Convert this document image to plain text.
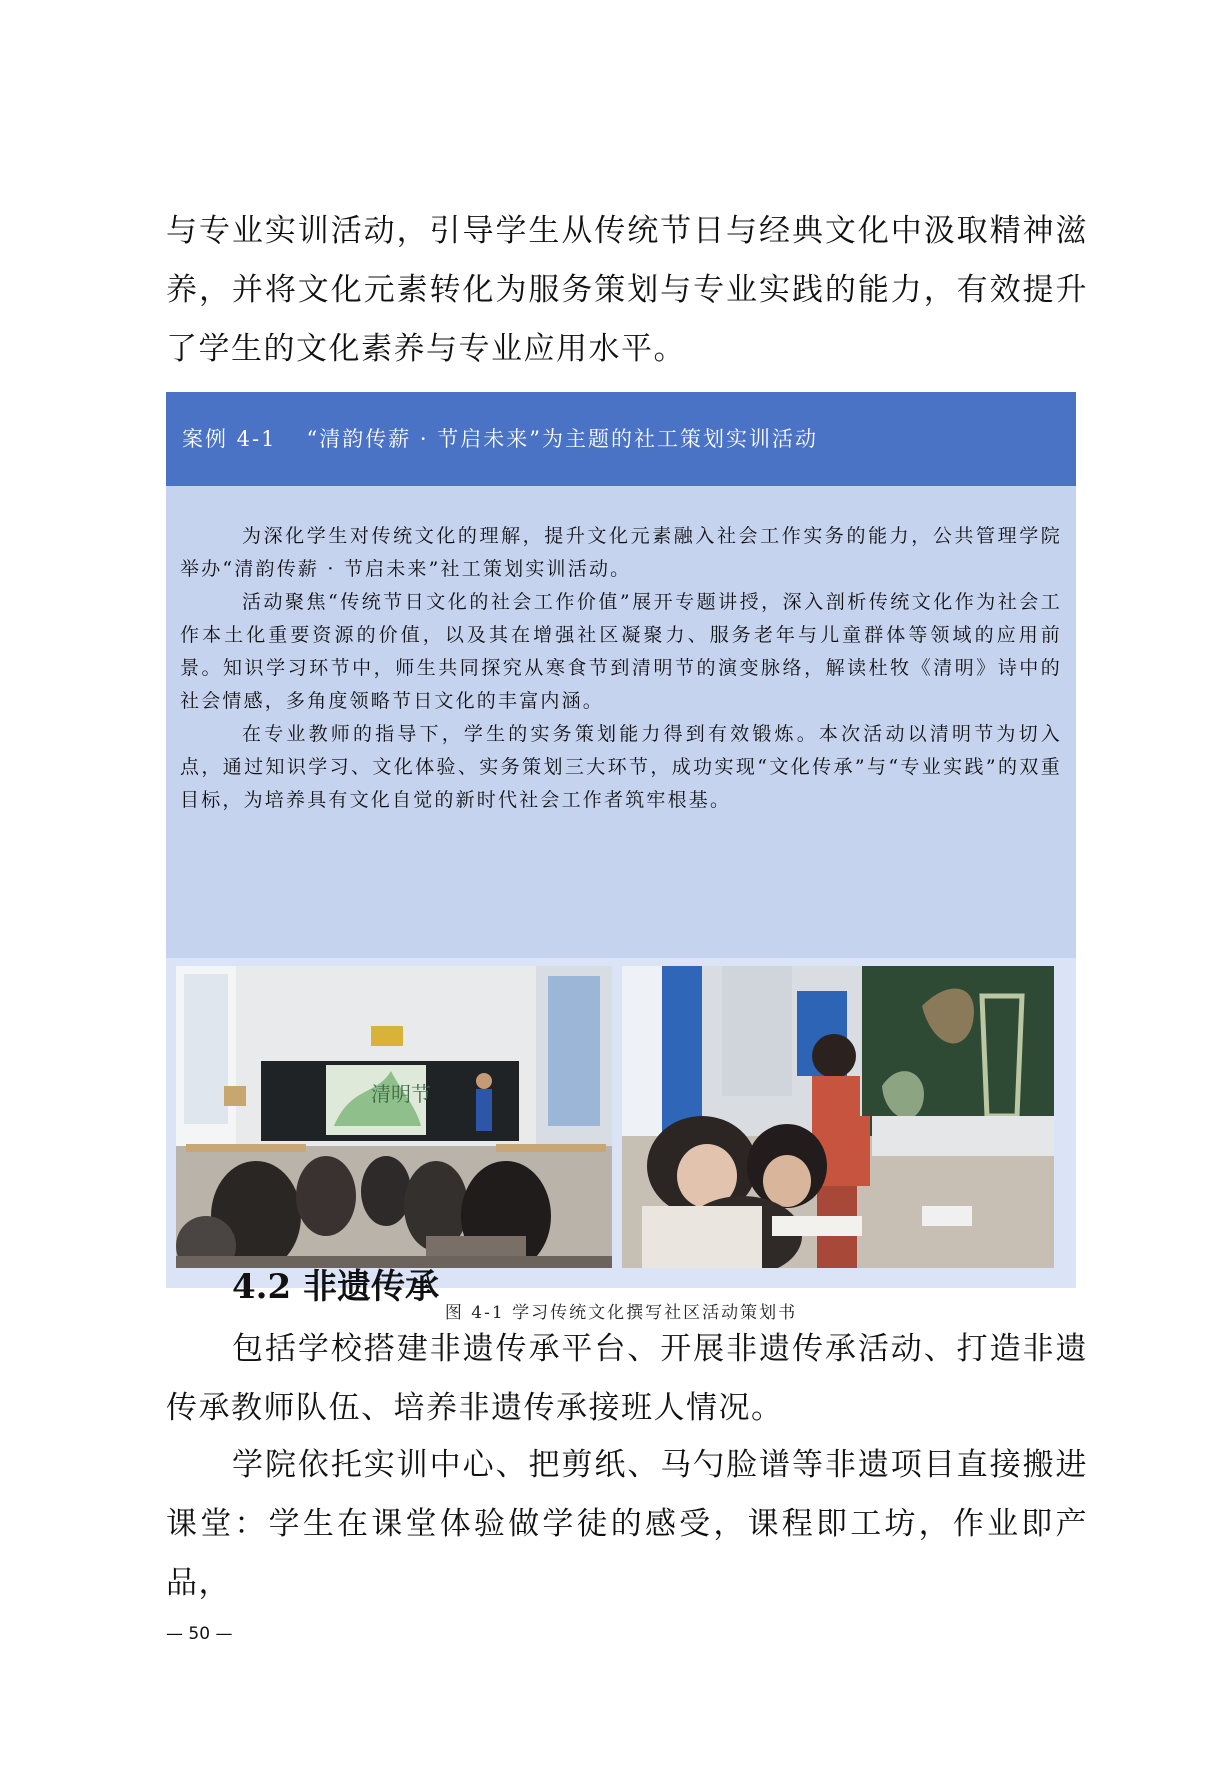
与专业实训活动，引导学生从传统节日与经典文化中汲取精神滋养，并将文化元素转化为服务策划与专业实践的能力，有效提升了学生的文化素养与专业应用水平。

案例 4-1 “清韵传薪 · 节启未来”为主题的社工策划实训活动

为深化学生对传统文化的理解，提升文化元素融入社会工作实务的能力，公共管理学院举办“清韵传薪 · 节启未来”社工策划实训活动。

活动聚焦“传统节日文化的社会工作价值”展开专题讲授，深入剖析传统文化作为社会工作本土化重要资源的价值，以及其在增强社区凝聚力、服务老年与儿童群体等领域的应用前景。知识学习环节中，师生共同探究从寒食节到清明节的演变脉络，解读杜牧《清明》诗中的社会情感，多角度领略节日文化的丰富内涵。

在专业教师的指导下，学生的实务策划能力得到有效锻炼。本次活动以清明节为切入点，通过知识学习、文化体验、实务策划三大环节，成功实现“文化传承”与“专业实践”的双重目标，为培养具有文化自觉的新时代社会工作者筑牢根基。

清明节
图 4-1 学习传统文化撰写社区活动策划书
4.2 非遗传承

包括学校搭建非遗传承平台、开展非遗传承活动、打造非遗传承教师队伍、培养非遗传承接班人情况。

学院依托实训中心、把剪纸、马勺脸谱等非遗项目直接搬进课堂：学生在课堂体验做学徒的感受，课程即工坊，作业即产品，

— 50 —
